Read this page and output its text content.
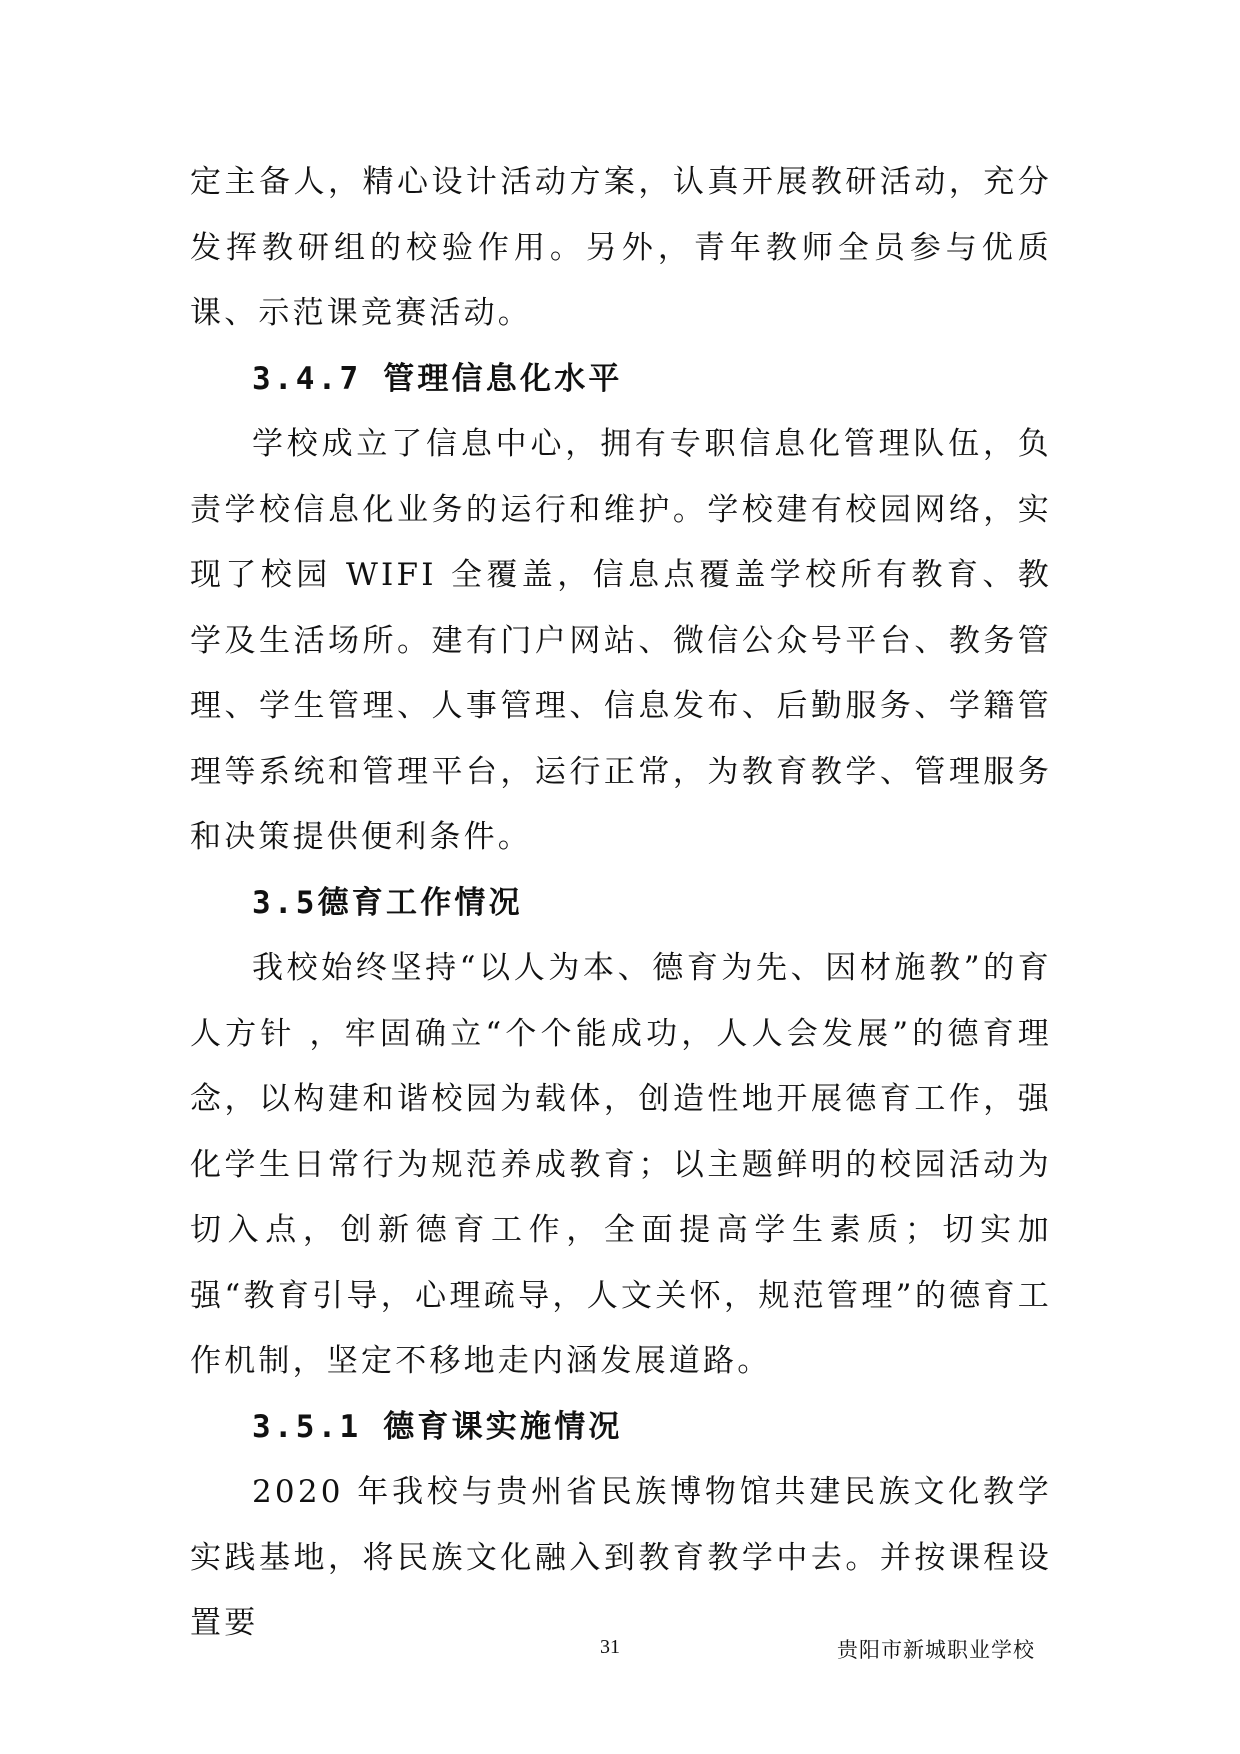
定主备人，精心设计活动方案，认真开展教研活动，充分发挥教研组的校验作用。另外，青年教师全员参与优质课、示范课竞赛活动。

3.4.7 管理信息化水平

学校成立了信息中心，拥有专职信息化管理队伍，负责学校信息化业务的运行和维护。学校建有校园网络，实现了校园 WIFI 全覆盖，信息点覆盖学校所有教育、教学及生活场所。建有门户网站、微信公众号平台、教务管理、学生管理、人事管理、信息发布、后勤服务、学籍管理等系统和管理平台，运行正常，为教育教学、管理服务和决策提供便利条件。

3.5德育工作情况

我校始终坚持“以人为本、德育为先、因材施教”的育人方针 ，牢固确立“个个能成功，人人会发展”的德育理念，以构建和谐校园为载体，创造性地开展德育工作，强化学生日常行为规范养成教育；以主题鲜明的校园活动为切入点，创新德育工作，全面提高学生素质；切实加强“教育引导，心理疏导，人文关怀，规范管理”的德育工作机制，坚定不移地走内涵发展道路。

3.5.1 德育课实施情况

2020 年我校与贵州省民族博物馆共建民族文化教学实践基地，将民族文化融入到教育教学中去。并按课程设置要

31	贵阳市新城职业学校
